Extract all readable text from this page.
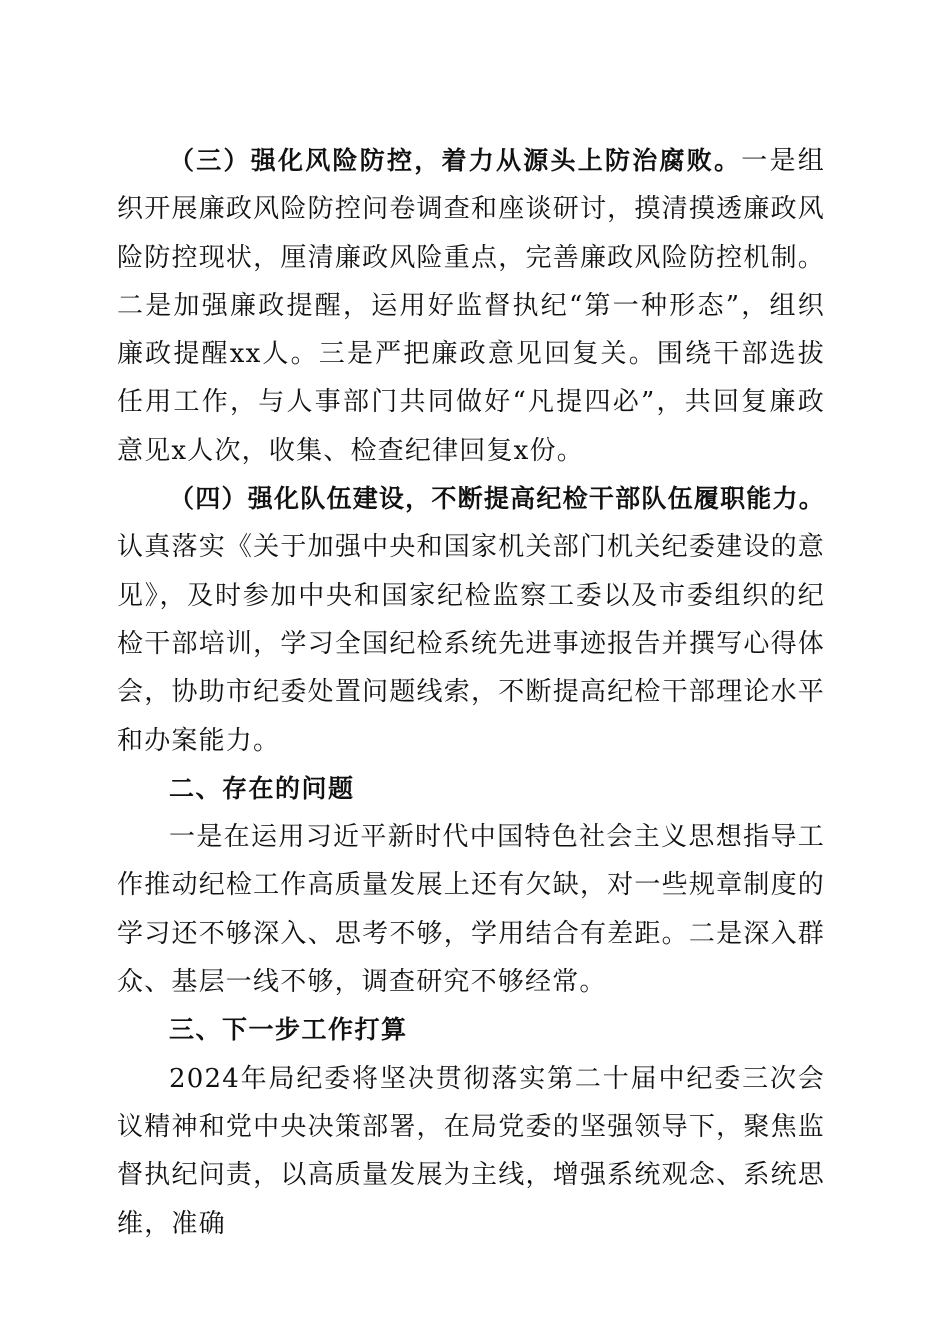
（三）强化风险防控，着力从源头上防治腐败。一是组织开展廉政风险防控问卷调查和座谈研讨，摸清摸透廉政风险防控现状，厘清廉政风险重点，完善廉政风险防控机制。二是加强廉政提醒，运用好监督执纪“第一种形态”，组织廉政提醒xx人。三是严把廉政意见回复关。围绕干部选拔任用工作，与人事部门共同做好“凡提四必”，共回复廉政意见x人次，收集、检查纪律回复x份。

（四）强化队伍建设，不断提高纪检干部队伍履职能力。认真落实《关于加强中央和国家机关部门机关纪委建设的意见》，及时参加中央和国家纪检监察工委以及市委组织的纪检干部培训，学习全国纪检系统先进事迹报告并撰写心得体会，协助市纪委处置问题线索，不断提高纪检干部理论水平和办案能力。

二、存在的问题

一是在运用习近平新时代中国特色社会主义思想指导工作推动纪检工作高质量发展上还有欠缺，对一些规章制度的学习还不够深入、思考不够，学用结合有差距。二是深入群众、基层一线不够，调查研究不够经常。

三、下一步工作打算

2024年局纪委将坚决贯彻落实第二十届中纪委三次会议精神和党中央决策部署，在局党委的坚强领导下，聚焦监督执纪问责，以高质量发展为主线，增强系统观念、系统思维，准确
